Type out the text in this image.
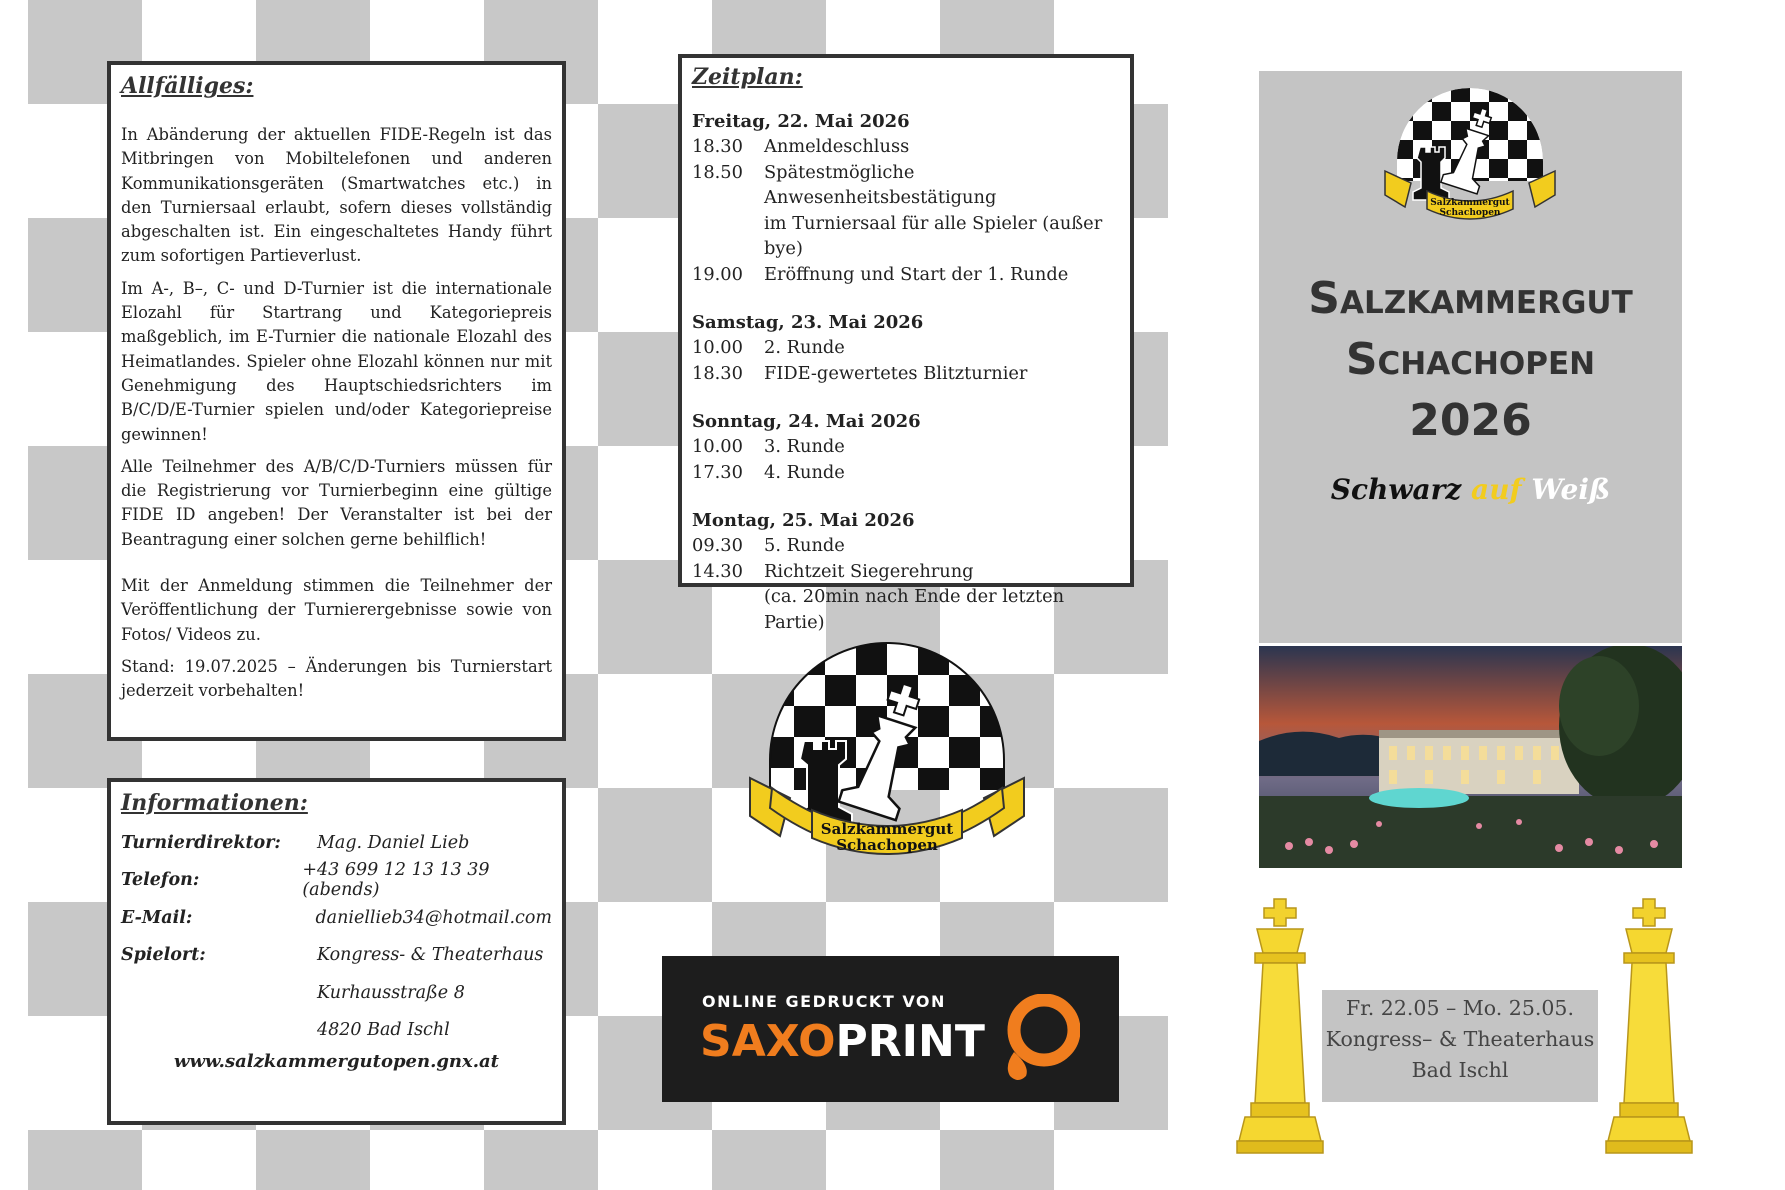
Allfälliges:

In Abänderung der aktuellen FIDE-Regeln ist das Mitbringen von Mobiltelefonen und anderen Kommunikationsgeräten (Smartwatches etc.) in den Turniersaal erlaubt, sofern dieses vollständig abgeschalten ist. Ein eingeschaltetes Handy führt zum sofortigen Partieverlust.

Im A-, B–, C- und D-Turnier ist die internationale Elozahl für Startrang und Kategoriepreis maßgeblich, im E-Turnier die nationale Elozahl des Heimatlandes. Spieler ohne Elozahl können nur mit Genehmigung des Hauptschiedsrichters im B/C/D/E-Turnier spielen und/oder Kategoriepreise gewinnen!

Alle Teilnehmer des A/B/C/D-Turniers müssen für die Registrierung vor Turnierbeginn eine gültige FIDE ID angeben! Der Veranstalter ist bei der Beantragung einer solchen gerne behilflich!

Mit der Anmeldung stimmen die Teilnehmer der Veröffentlichung der Turnierergebnisse sowie von Fotos/ Videos zu.

Stand: 19.07.2025 – Änderungen bis Turnierstart jederzeit vorbehalten!

Informationen:
Turnierdirektor:	Mag. Daniel Lieb
Telefon:	+43 699 12 13 13 39 (abends)
E-Mail:	daniellieb34@hotmail.com
Spielort:	Kongress- & Theaterhaus
Kurhausstraße 8
4820 Bad Ischl
www.salzkammergutopen.gnx.at
Zeitplan:
Freitag, 22. Mai 2026
18.30	Anmeldeschluss
18.50	Spätestmögliche Anwesenheitsbestätigung
im Turniersaal für alle Spieler (außer bye)
19.00	Eröffnung und Start der 1. Runde
Samstag, 23. Mai 2026
10.00	2. Runde
18.30	FIDE-gewertetes Blitzturnier
Sonntag, 24. Mai 2026
10.00	3. Runde
17.30	4. Runde
Montag, 25. Mai 2026
09.30	5. Runde
14.30	Richtzeit Siegerehrung
(ca. 20min nach Ende der letzten Partie)
Salzkammergut
Schachopen
ONLINE GEDRUCKT VON
SAXOPRINT
Salzkammergut
Schachopen
Salzkammergut
Schachopen
2026
Schwarz auf Weiß
Fr. 22.05 – Mo. 25.05.
Kongress– & Theaterhaus
Bad Ischl
